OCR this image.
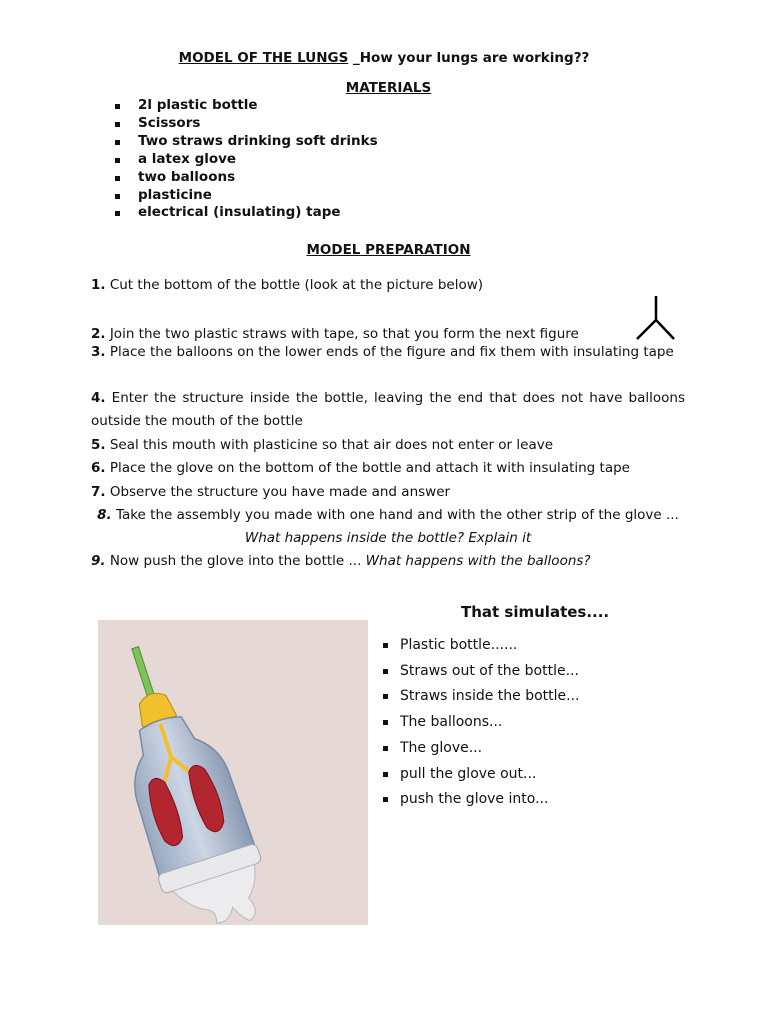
MODEL OF THE LUNGS _How your lungs are working??
MATERIALS
2l plastic bottle
Scissors
Two straws drinking soft drinks
a latex glove
two balloons
plasticine
electrical (insulating) tape
MODEL PREPARATION
1. Cut the bottom of the bottle (look at the picture below)
2. Join the two plastic straws with tape, so that you form the next figure
3. Place the balloons on the lower ends of the figure and fix them with insulating tape
4. Enter the structure inside the bottle, leaving the end that does not have balloons outside the mouth of the bottle
5. Seal this mouth with plasticine so that air does not enter or leave
6. Place the glove on the bottom of the bottle and attach it with insulating tape
7. Observe the structure you have made and answer
8. Take the assembly you made with one hand and with the other strip of the glove ... What happens inside the bottle? Explain it
9. Now push the glove into the bottle ... What happens with the balloons?
That simulates....
Plastic bottle......
Straws out of the bottle...
Straws inside the bottle...
The balloons...
The glove...
pull the glove out...
push the glove into...
